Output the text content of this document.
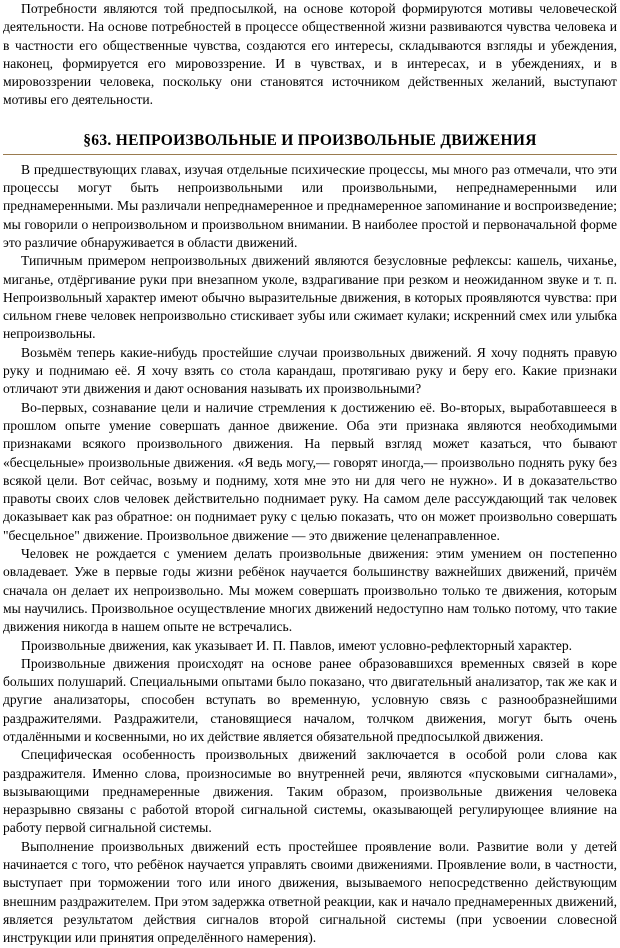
Потребности являются той предпосылкой, на основе которой формируются мотивы человеческой деятельности. На основе потребностей в процессе общественной жизни развиваются чувства человека и в частности его общественные чувства, создаются его интересы, складываются взгляды и убеждения, наконец, формируется его мировоззрение. И в чувствах, и в интересах, и в убеждениях, и в мировоззрении человека, поскольку они становятся источником действенных желаний, выступают мотивы его деятельности.

§63. НЕПРОИЗВОЛЬНЫЕ И ПРОИЗВОЛЬНЫЕ ДВИЖЕНИЯ

В предшествующих главах, изучая отдельные психические процессы, мы много раз отмечали, что эти процессы могут быть непроизвольными или произвольными, непреднамеренными или преднамеренными. Мы различали непреднамеренное и преднамеренное запоминание и воспроизведение; мы говорили о непроизвольном и произвольном внимании. В наиболее простой и первоначальной форме это различие обнаруживается в области движений.

Типичным примером непроизвольных движений являются безусловные рефлексы: кашель, чиханье, миганье, отдёргивание руки при внезапном уколе, вздрагивание при резком и неожиданном звуке и т. п. Непроизвольный характер имеют обычно выразительные движения, в которых проявляются чувства: при сильном гневе человек непроизвольно стискивает зубы или сжимает кулаки; искренний смех или улыбка непроизвольны.

Возьмём теперь какие-нибудь простейшие случаи произвольных движений. Я хочу поднять правую руку и поднимаю её. Я хочу взять со стола карандаш, протягиваю руку и беру его. Какие признаки отличают эти движения и дают основания называть их произвольными?

Во-первых, сознавание цели и наличие стремления к достижению её. Во-вторых, выработавшееся в прошлом опыте умение совершать данное движение. Оба эти признака являются необходимыми признаками всякого произвольного движения. На первый взгляд может казаться, что бывают «бесцельные» произвольные движения. «Я ведь могу,— говорят иногда,— произвольно поднять руку без всякой цели. Вот сейчас, возьму и подниму, хотя мне это ни для чего не нужно». И в доказательство правоты своих слов человек действительно поднимает руку. На самом деле рассуждающий так человек доказывает как раз обратное: он поднимает руку с целью показать, что он может произвольно совершать "бесцельное" движение. Произвольное движение — это движение целенаправленное.

Человек не рождается с умением делать произвольные движения: этим умением он постепенно овладевает. Уже в первые годы жизни ребёнок научается большинству важнейших движений, причём сначала он делает их непроизвольно. Мы можем совершать произвольно только те движения, которым мы научились. Произвольное осуществление многих движений недоступно нам только потому, что такие движения никогда в нашем опыте не встречались.

Произвольные движения, как указывает И. П. Павлов, имеют условно-рефлекторный характер.

Произвольные движения происходят на основе ранее образовавшихся временных связей в коре больших полушарий. Специальными опытами было показано, что двигательный анализатор, так же как и другие анализаторы, способен вступать во временную, условную связь с разнообразнейшими раздражителями. Раздражители, становящиеся началом, толчком движения, могут быть очень отдалёнными и косвенными, но их действие является обязательной предпосылкой движения.

Специфическая особенность произвольных движений заключается в особой роли слова как раздражителя. Именно слова, произносимые во внутренней речи, являются «пусковыми сигналами», вызывающими преднамеренные движения. Таким образом, произвольные движения человека неразрывно связаны с работой второй сигнальной системы, оказывающей регулирующее влияние на работу первой сигнальной системы.

Выполнение произвольных движений есть простейшее проявление воли. Развитие воли у детей начинается с того, что ребёнок научается управлять своими движениями. Проявление воли, в частности, выступает при торможении того или иного движения, вызываемого непосредственно действующим внешним раздражителем. При этом задержка ответной реакции, как и начало преднамеренных движений, является результатом действия сигналов второй сигнальной системы (при усвоении словесной инструкции или принятия определённого намерения).
